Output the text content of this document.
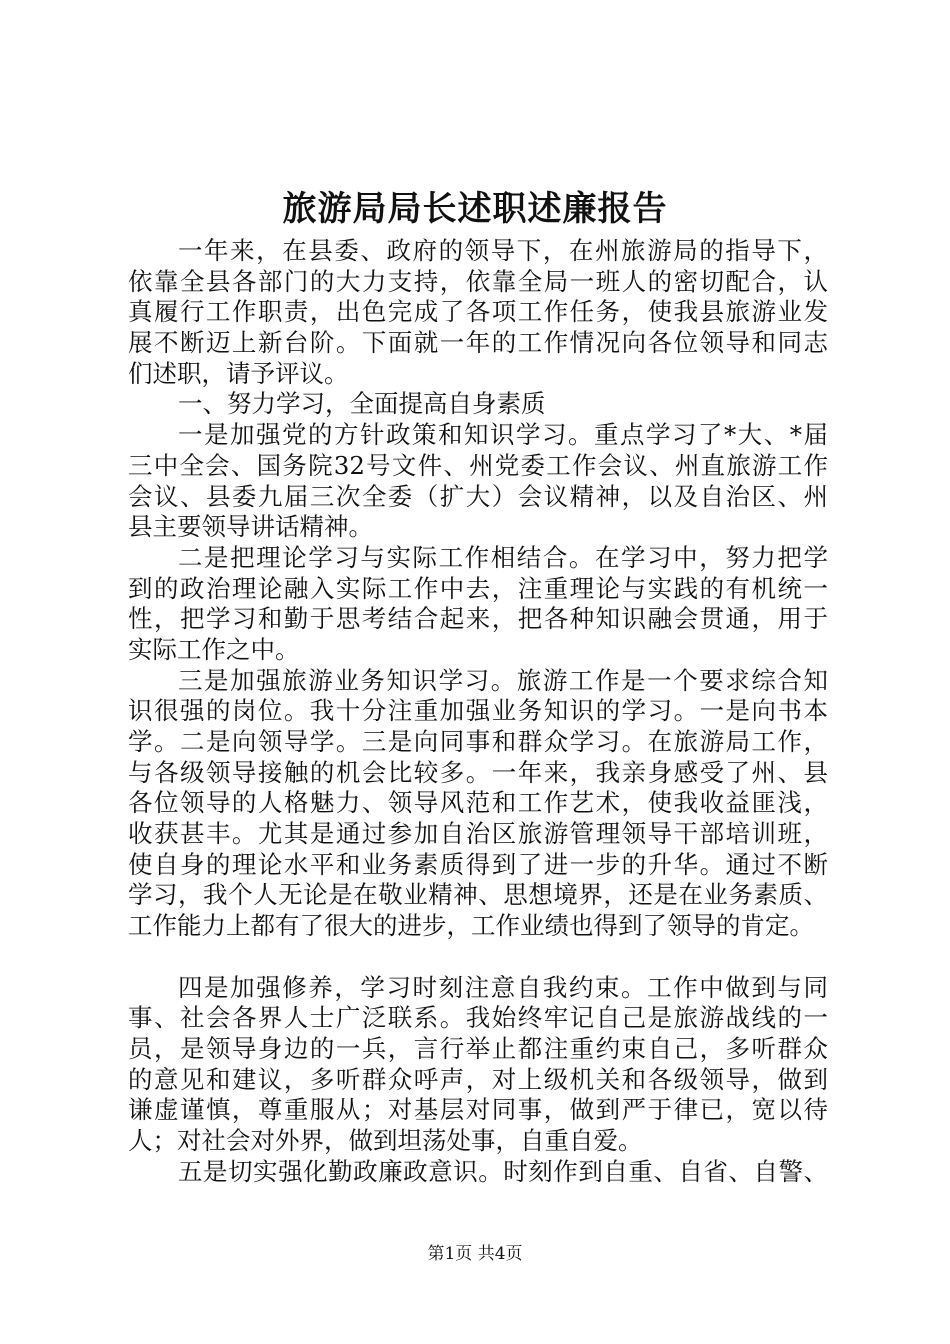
旅游局局长述职述廉报告
一年来，在县委、政府的领导下，在州旅游局的指导下，
依靠全县各部门的大力支持，依靠全局一班人的密切配合，认
真履行工作职责，出色完成了各项工作任务，使我县旅游业发
展不断迈上新台阶。下面就一年的工作情况向各位领导和同志
们述职，请予评议。
一、努力学习，全面提高自身素质
一是加强党的方针政策和知识学习。重点学习了*大、*届
三中全会、国务院32号文件、州党委工作会议、州直旅游工作
会议、县委九届三次全委（扩大）会议精神，以及自治区、州
县主要领导讲话精神。
二是把理论学习与实际工作相结合。在学习中，努力把学
到的政治理论融入实际工作中去，注重理论与实践的有机统一
性，把学习和勤于思考结合起来，把各种知识融会贯通，用于
实际工作之中。
三是加强旅游业务知识学习。旅游工作是一个要求综合知
识很强的岗位。我十分注重加强业务知识的学习。一是向书本
学。二是向领导学。三是向同事和群众学习。在旅游局工作，
与各级领导接触的机会比较多。一年来，我亲身感受了州、县
各位领导的人格魅力、领导风范和工作艺术，使我收益匪浅，
收获甚丰。尤其是通过参加自治区旅游管理领导干部培训班，
使自身的理论水平和业务素质得到了进一步的升华。通过不断
学习，我个人无论是在敬业精神、思想境界，还是在业务素质、
工作能力上都有了很大的进步，工作业绩也得到了领导的肯定。
四是加强修养，学习时刻注意自我约束。工作中做到与同
事、社会各界人士广泛联系。我始终牢记自己是旅游战线的一
员，是领导身边的一兵，言行举止都注重约束自己，多听群众
的意见和建议，多听群众呼声，对上级机关和各级领导，做到
谦虚谨慎，尊重服从；对基层对同事，做到严于律已，宽以待
人；对社会对外界，做到坦荡处事，自重自爱。
五是切实强化勤政廉政意识。时刻作到自重、自省、自警、
第1页 共4页
